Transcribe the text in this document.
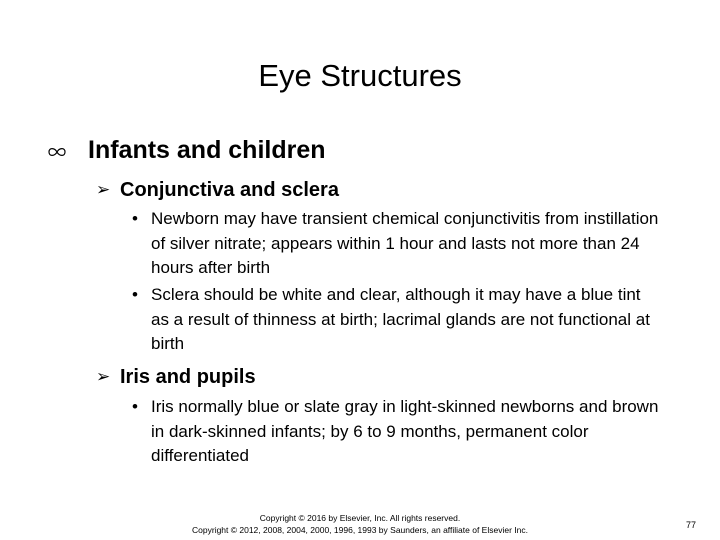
Eye Structures
Infants and children
➢ Conjunctiva and sclera
• Newborn may have transient chemical conjunctivitis from instillation of silver nitrate; appears within 1 hour and lasts not more than 24 hours after birth
• Sclera should be white and clear, although it may have a blue tint as a result of thinness at birth; lacrimal glands are not functional at birth
➢ Iris and pupils
• Iris normally blue or slate gray in light-skinned newborns and brown in dark-skinned infants; by 6 to 9 months, permanent color differentiated
Copyright © 2016 by Elsevier, Inc. All rights reserved.
Copyright © 2012, 2008, 2004, 2000, 1996, 1993 by Saunders, an affiliate of Elsevier Inc.	77
